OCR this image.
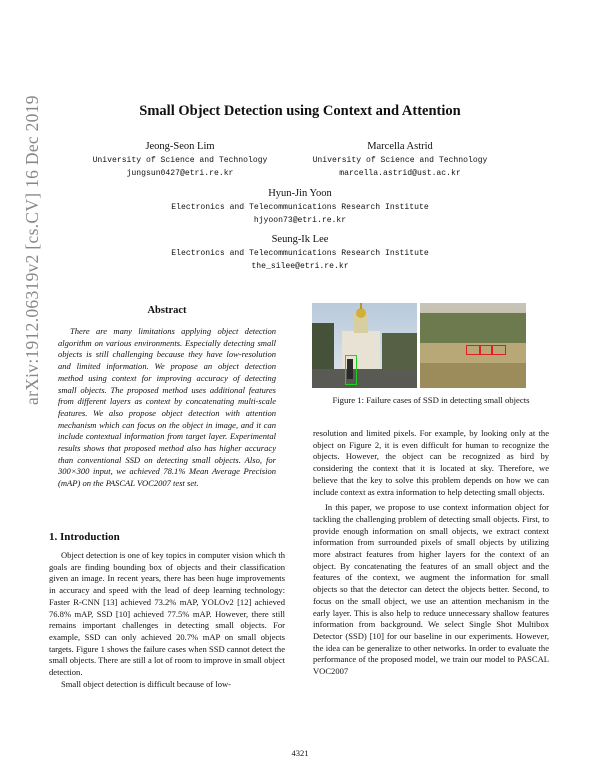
arXiv:1912.06319v2 [cs.CV] 16 Dec 2019	Small Object Detection using Context and Attention
Jeong-Seon Lim
University of Science and Technology
jungsun0427@etri.re.kr
Marcella Astrid
University of Science and Technology
marcella.astrid@ust.ac.kr
Hyun-Jin Yoon
Electronics and Telecommunications Research Institute
hjyoon73@etri.re.kr
Seung-Ik Lee
Electronics and Telecommunications Research Institute
the_silee@etri.re.kr
Abstract
There are many limitations applying object detection algorithm on various environments. Especially detecting small objects is still challenging because they have low-resolution and limited information. We propose an object detection method using context for improving accuracy of detecting small objects. The proposed method uses additional features from different layers as context by concatenating multi-scale features. We also propose object detection with attention mechanism which can focus on the object in image, and it can include contextual information from target layer. Experimental results shows that proposed method also has higher accuracy than conventional SSD on detecting small objects. Also, for 300×300 input, we achieved 78.1% Mean Average Precision (mAP) on the PASCAL VOC2007 test set.
1. Introduction
Object detection is one of key topics in computer vision which th goals are finding bounding box of objects and their classification given an image. In recent years, there has been huge improvements in accuracy and speed with the lead of deep learning technology: Faster R-CNN [13] achieved 73.2% mAP, YOLOv2 [12] achieved 76.8% mAP, SSD [10] achieved 77.5% mAP. However, there still remains important challenges in detecting small objects. For example, SSD can only achieved 20.7% mAP on small objects targets. Figure 1 shows the failure cases when SSD cannot detect the small objects. There are still a lot of room to improve in small object detection.
Small object detection is difficult because of low-
Figure 1: Failure cases of SSD in detecting small objects
resolution and limited pixels. For example, by looking only at the object on Figure 2, it is even difficult for human to recognize the objects. However, the object can be recognized as bird by considering the context that it is located at sky. Therefore, we believe that the key to solve this problem depends on how we can include context as extra information to help detecting small objects.
In this paper, we propose to use context information object for tackling the challenging problem of detecting small objects. First, to provide enough information on small objects, we extract context information from surrounded pixels of small objects by utilizing more abstract features from higher layers for the context of an object. By concatenating the features of an small object and the features of the context, we augment the information for small objects so that the detector can detect the objects better. Second, to focus on the small object, we use an attention mechanism in the early layer. This is also help to reduce unnecessary shallow features information from background. We select Single Shot Multibox Detector (SSD) [10] for our baseline in our experiments. However, the idea can be generalize to other networks. In order to evaluate the performance of the proposed model, we train our model to PASCAL VOC2007
4321
